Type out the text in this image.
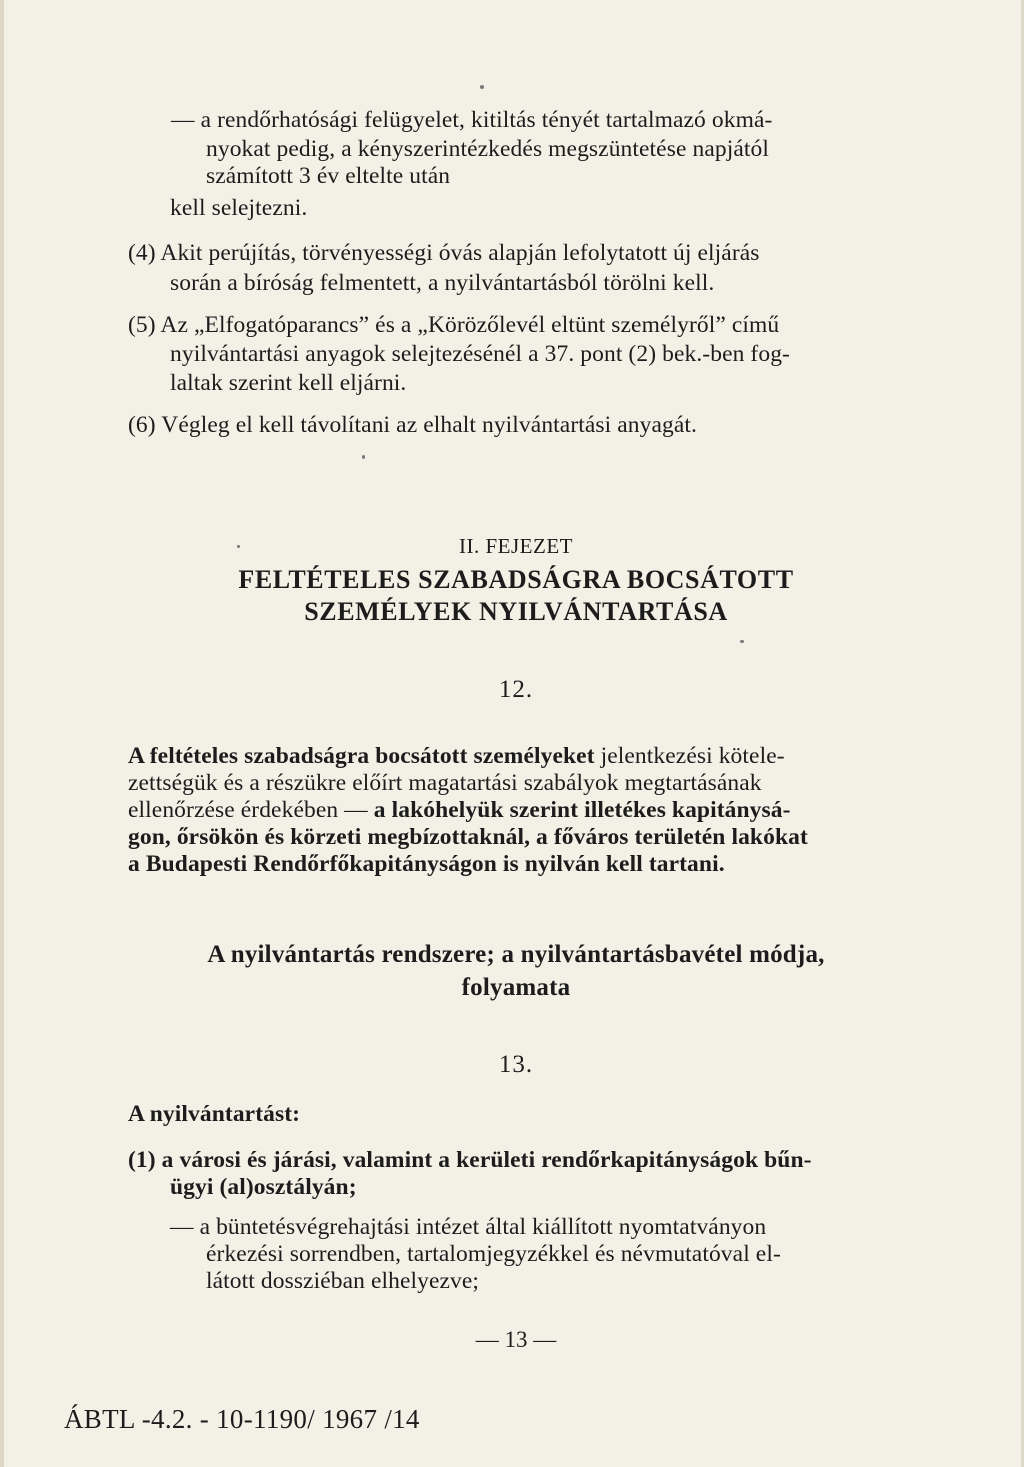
— a rendőrhatósági felügyelet, kitiltás tényét tartalmazó okmá-
nyokat pedig, a kényszerintézkedés megszüntetése napjától
számított 3 év eltelte után
kell selejtezni.
(4) Akit perújítás, törvényességi óvás alapján lefolytatott új eljárás
során a bíróság felmentett, a nyilvántartásból törölni kell.
(5) Az „Elfogatóparancs” és a „Körözőlevél eltünt személyről” című
nyilvántartási anyagok selejtezésénél a 37. pont (2) bek.-ben fog-
laltak szerint kell eljárni.
(6) Végleg el kell távolítani az elhalt nyilvántartási anyagát.
II. FEJEZET
FELTÉTELES SZABADSÁGRA BOCSÁTOTT
SZEMÉLYEK NYILVÁNTARTÁSA
12.
A feltételes szabadságra bocsátott személyeket jelentkezési kötele-
zettségük és a részükre előírt magatartási szabályok megtartásának
ellenőrzése érdekében — a lakóhelyük szerint illetékes kapitánysá-
gon, őrsökön és körzeti megbízottaknál, a főváros területén lakókat
a Budapesti Rendőrfőkapitányságon is nyilván kell tartani.
A nyilvántartás rendszere; a nyilvántartásbavétel módja,
folyamata
13.
A nyilvántartást:
(1) a városi és járási, valamint a kerületi rendőrkapitányságok bűn-
ügyi (al)osztályán;
— a büntetésvégrehajtási intézet által kiállított nyomtatványon
érkezési sorrendben, tartalomjegyzékkel és névmutatóval el-
látott dossziéban elhelyezve;
— 13 —
ÁBTL -4.2. - 10-1190/ 1967 /14
